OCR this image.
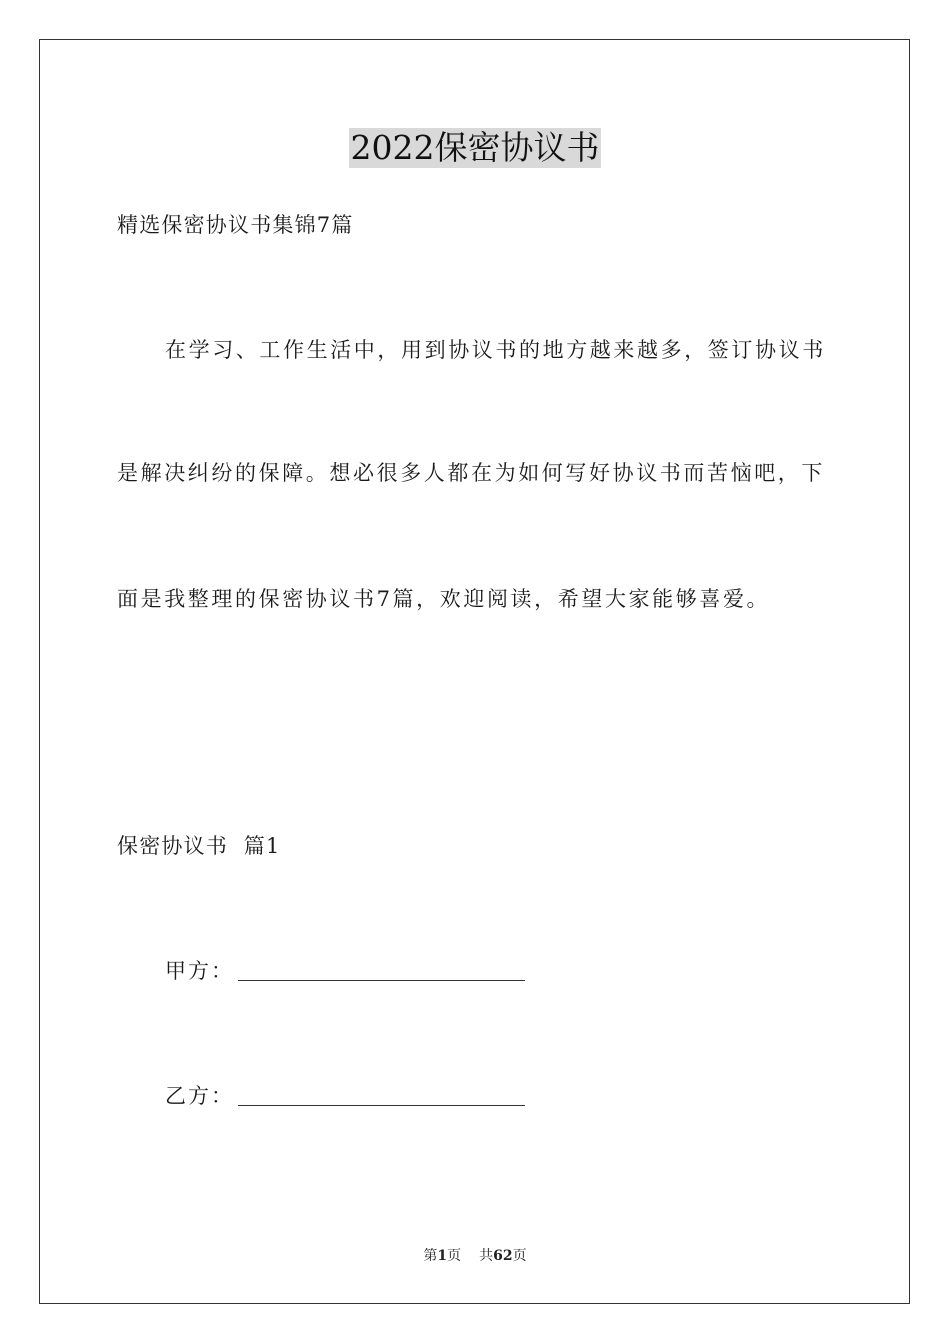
2022保密协议书
精选保密协议书集锦7篇
在学习、工作生活中，用到协议书的地方越来越多，签订协议书
是解决纠纷的保障。想必很多人都在为如何写好协议书而苦恼吧，下
面是我整理的保密协议书7篇，欢迎阅读，希望大家能够喜爱。
保密协议书  篇1
甲方：
乙方：
第1页 共62页
